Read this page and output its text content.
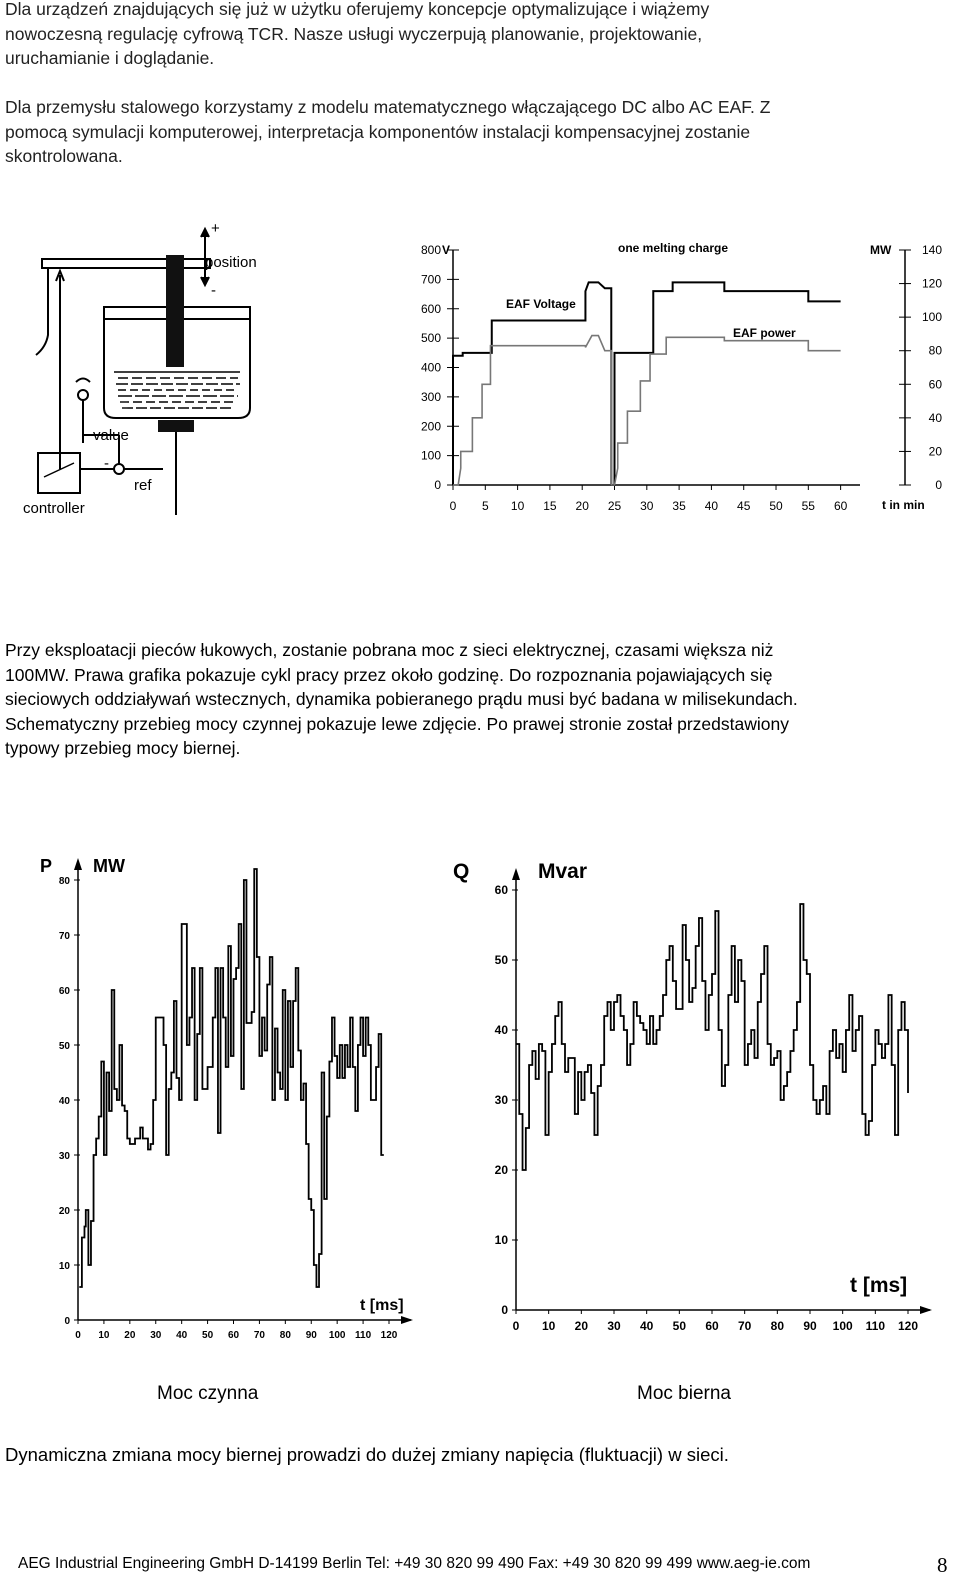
Dla urządzeń znajdujących się już w użytku oferujemy koncepcje optymalizujące i wiążemy
nowoczesną regulację cyfrową TCR. Nasze usługi wyczerpują planowanie, projektowanie,
uruchamianie i doglądanie.
Dla przemysłu stalowego korzystamy z modelu matematycznego włączającego DC albo AC EAF. Z
pomocą symulacji komputerowej, interpretacja komponentów instalacji kompensacyjnej zostanie
skontrolowana.
+
position
-
value
-
ref
controller
one melting charge
V	MW
EAF Voltage
EAF power
t in min
0
100
200
300
400
500
600
700
800
0
20
40
60
80
100
120
140
0 5 10 15 20 25 30 35 40 45 50 55 60
Przy eksploatacji pieców łukowych, zostanie pobrana moc z sieci elektrycznej, czasami większa niż
100MW. Prawa grafika pokazuje cykl pracy przez około godzinę. Do rozpoznania pojawiających się
sieciowych oddziaływań wstecznych, dynamika pobieranego prądu musi być badana w milisekundach.
Schematyczny przebieg mocy czynnej pokazuje lewe zdjęcie. Po prawej stronie został przedstawiony
typowy przebieg mocy biernej.
0
10
20
30
40
50
60
70
80
0 10 20 30 40 50 60 70 80 90 100 110 120
P MW
t [ms]	0
10
20
30
40
50
60
0 10 20 30 40 50 60 70 80 90 100 110 120
Q	Mvar
t [ms]
Moc czynna	Moc bierna
Dynamiczna zmiana mocy biernej prowadzi do dużej zmiany napięcia (fluktuacji) w sieci.
AEG Industrial Engineering GmbH D-14199 Berlin Tel: +49 30 820 99 490 Fax: +49 30 820 99 499 www.aeg-ie.com	8
